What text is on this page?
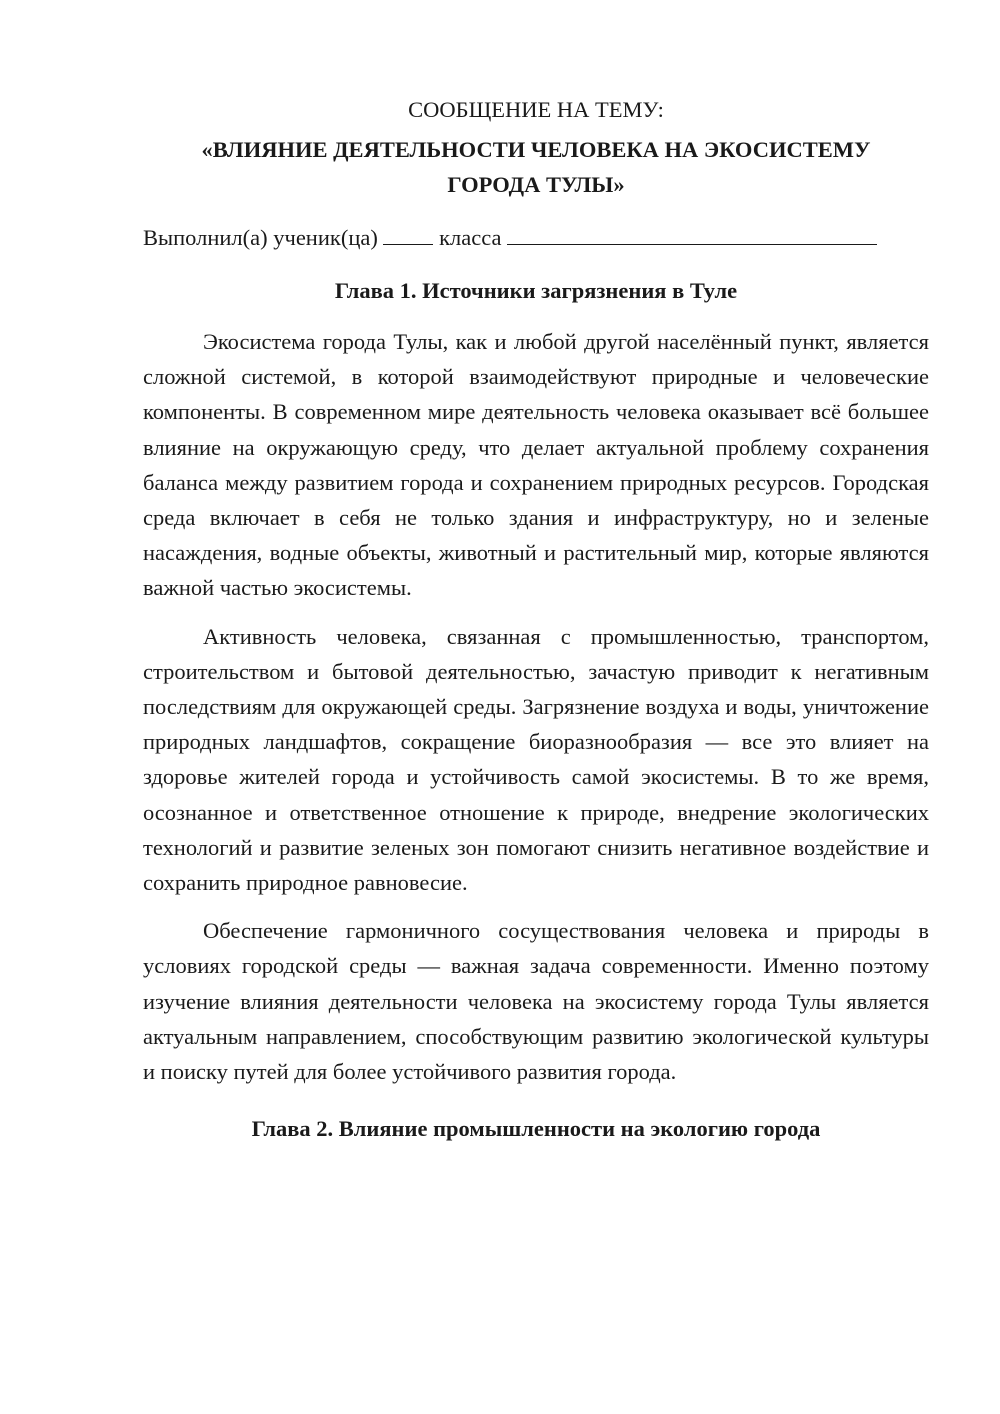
СООБЩЕНИЕ НА ТЕМУ:

«ВЛИЯНИЕ ДЕЯТЕЛЬНОСТИ ЧЕЛОВЕКА НА ЭКОСИСТЕМУ
ГОРОДА ТУЛЫ»

Выполнил(а) ученик(ца)  класса

Глава 1. Источники загрязнения в Туле

Экосистема города Тулы, как и любой другой населённый пункт, является сложной системой, в которой взаимодействуют природные и человеческие компоненты. В современном мире деятельность человека оказывает всё большее влияние на окружающую среду, что делает актуальной проблему сохранения баланса между развитием города и сохранением природных ресурсов. Городская среда включает в себя не только здания и инфраструктуру, но и зеленые насаждения, водные объекты, животный и растительный мир, которые являются важной частью экосистемы.

Активность человека, связанная с промышленностью, транспортом, строительством и бытовой деятельностью, зачастую приводит к негативным последствиям для окружающей среды. Загрязнение воздуха и воды, уничтожение природных ландшафтов, сокращение биоразнообразия — все это влияет на здоровье жителей города и устойчивость самой экосистемы. В то же время, осознанное и ответственное отношение к природе, внедрение экологических технологий и развитие зеленых зон помогают снизить негативное воздействие и сохранить природное равновесие.

Обеспечение гармоничного сосуществования человека и природы в условиях городской среды — важная задача современности. Именно поэтому изучение влияния деятельности человека на экосистему города Тулы является актуальным направлением, способствующим развитию экологической культуры и поиску путей для более устойчивого развития города.

Глава 2. Влияние промышленности на экологию города
